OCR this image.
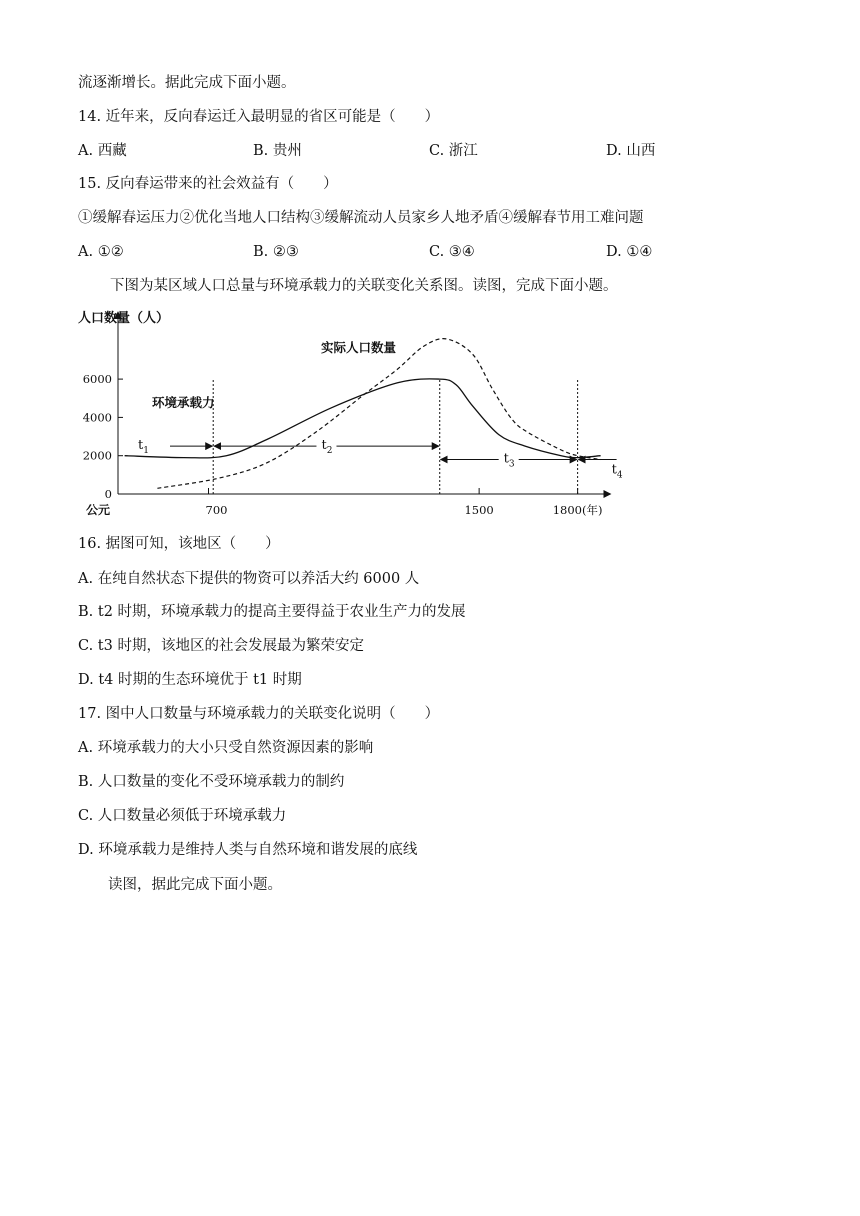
流逐渐增长。据此完成下面小题。
14. 近年来，反向春运迁入最明显的省区可能是（　　）
A. 西藏	B. 贵州	C. 浙江	D. 山西
15. 反向春运带来的社会效益有（　　）
①缓解春运压力②优化当地人口结构③缓解流动人员家乡人地矛盾④缓解春节用工难问题
A. ①②	B. ②③	C. ③④	D. ①④
下图为某区域人口总量与环境承载力的关联变化关系图。读图，完成下面小题。
人口数量（人）
0
2000
4000
6000
700	1500	1800(年)
$t_1$	$t_2$
$t_3$	$t_4$
环境承载力
实际人口数量
公元
16. 据图可知，该地区（　　）
A. 在纯自然状态下提供的物资可以养活大约 6000 人
B. t2 时期，环境承载力的提高主要得益于农业生产力的发展
C. t3 时期，该地区的社会发展最为繁荣安定
D. t4 时期的生态环境优于 t1 时期
17. 图中人口数量与环境承载力的关联变化说明（　　）
A. 环境承载力的大小只受自然资源因素的影响
B. 人口数量的变化不受环境承载力的制约
C. 人口数量必须低于环境承载力
D. 环境承载力是维持人类与自然环境和谐发展的底线
读图，据此完成下面小题。
